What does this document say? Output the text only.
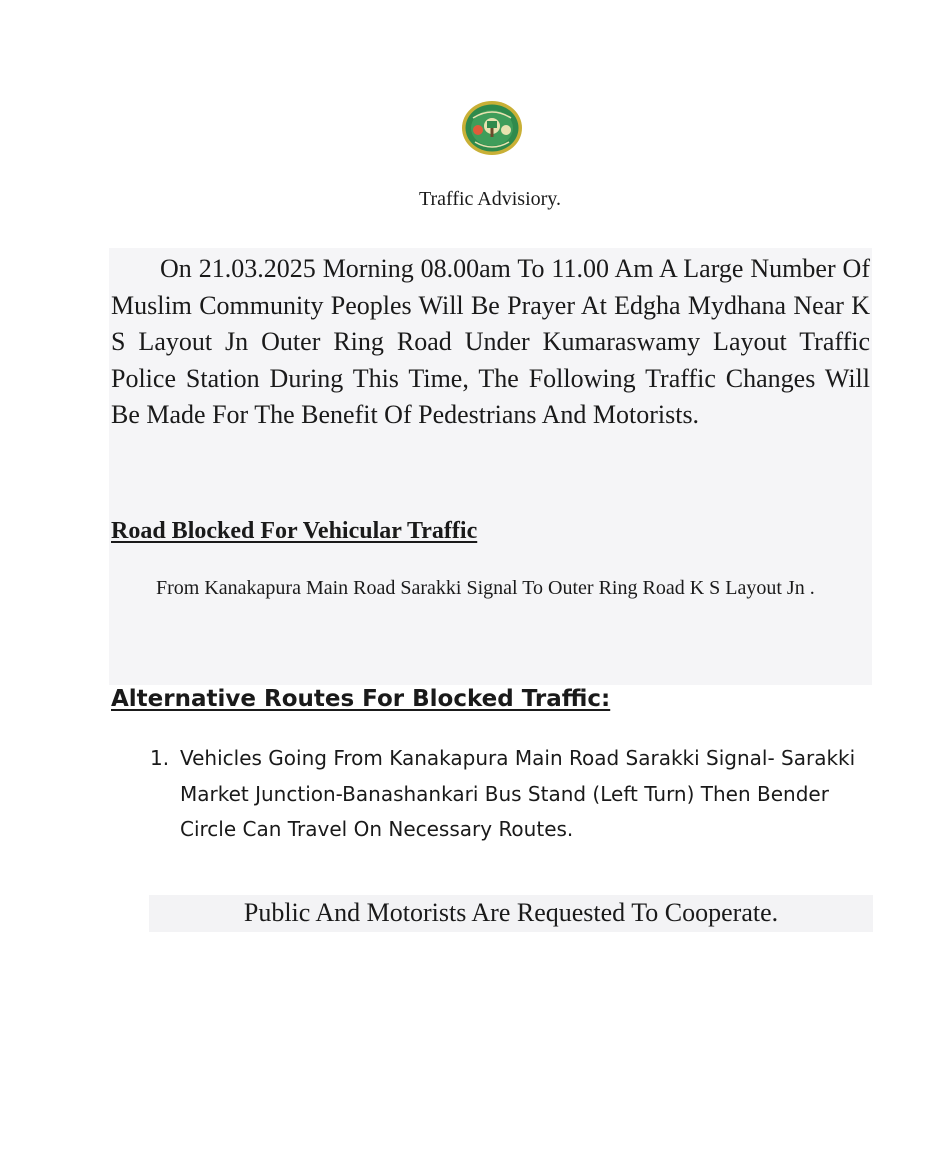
Traffic Advisiory.

On 21.03.2025 Morning 08.00am To 11.00 Am A Large Number Of Muslim Community Peoples Will Be Prayer At Edgha Mydhana Near K S Layout Jn Outer Ring Road Under Kumaraswamy Layout Traffic Police Station During This Time, The Following Traffic Changes Will Be Made For The Benefit Of Pedestrians And Motorists.

Road Blocked For Vehicular Traffic

From Kanakapura Main Road Sarakki Signal To Outer Ring Road K S Layout Jn .

Alternative Routes For Blocked Traffic:
1. Vehicles Going From Kanakapura Main Road Sarakki Signal- Sarakki Market Junction-Banashankari Bus Stand (Left Turn) Then Bender Circle Can Travel On Necessary Routes.

Public And Motorists Are Requested To Cooperate.
